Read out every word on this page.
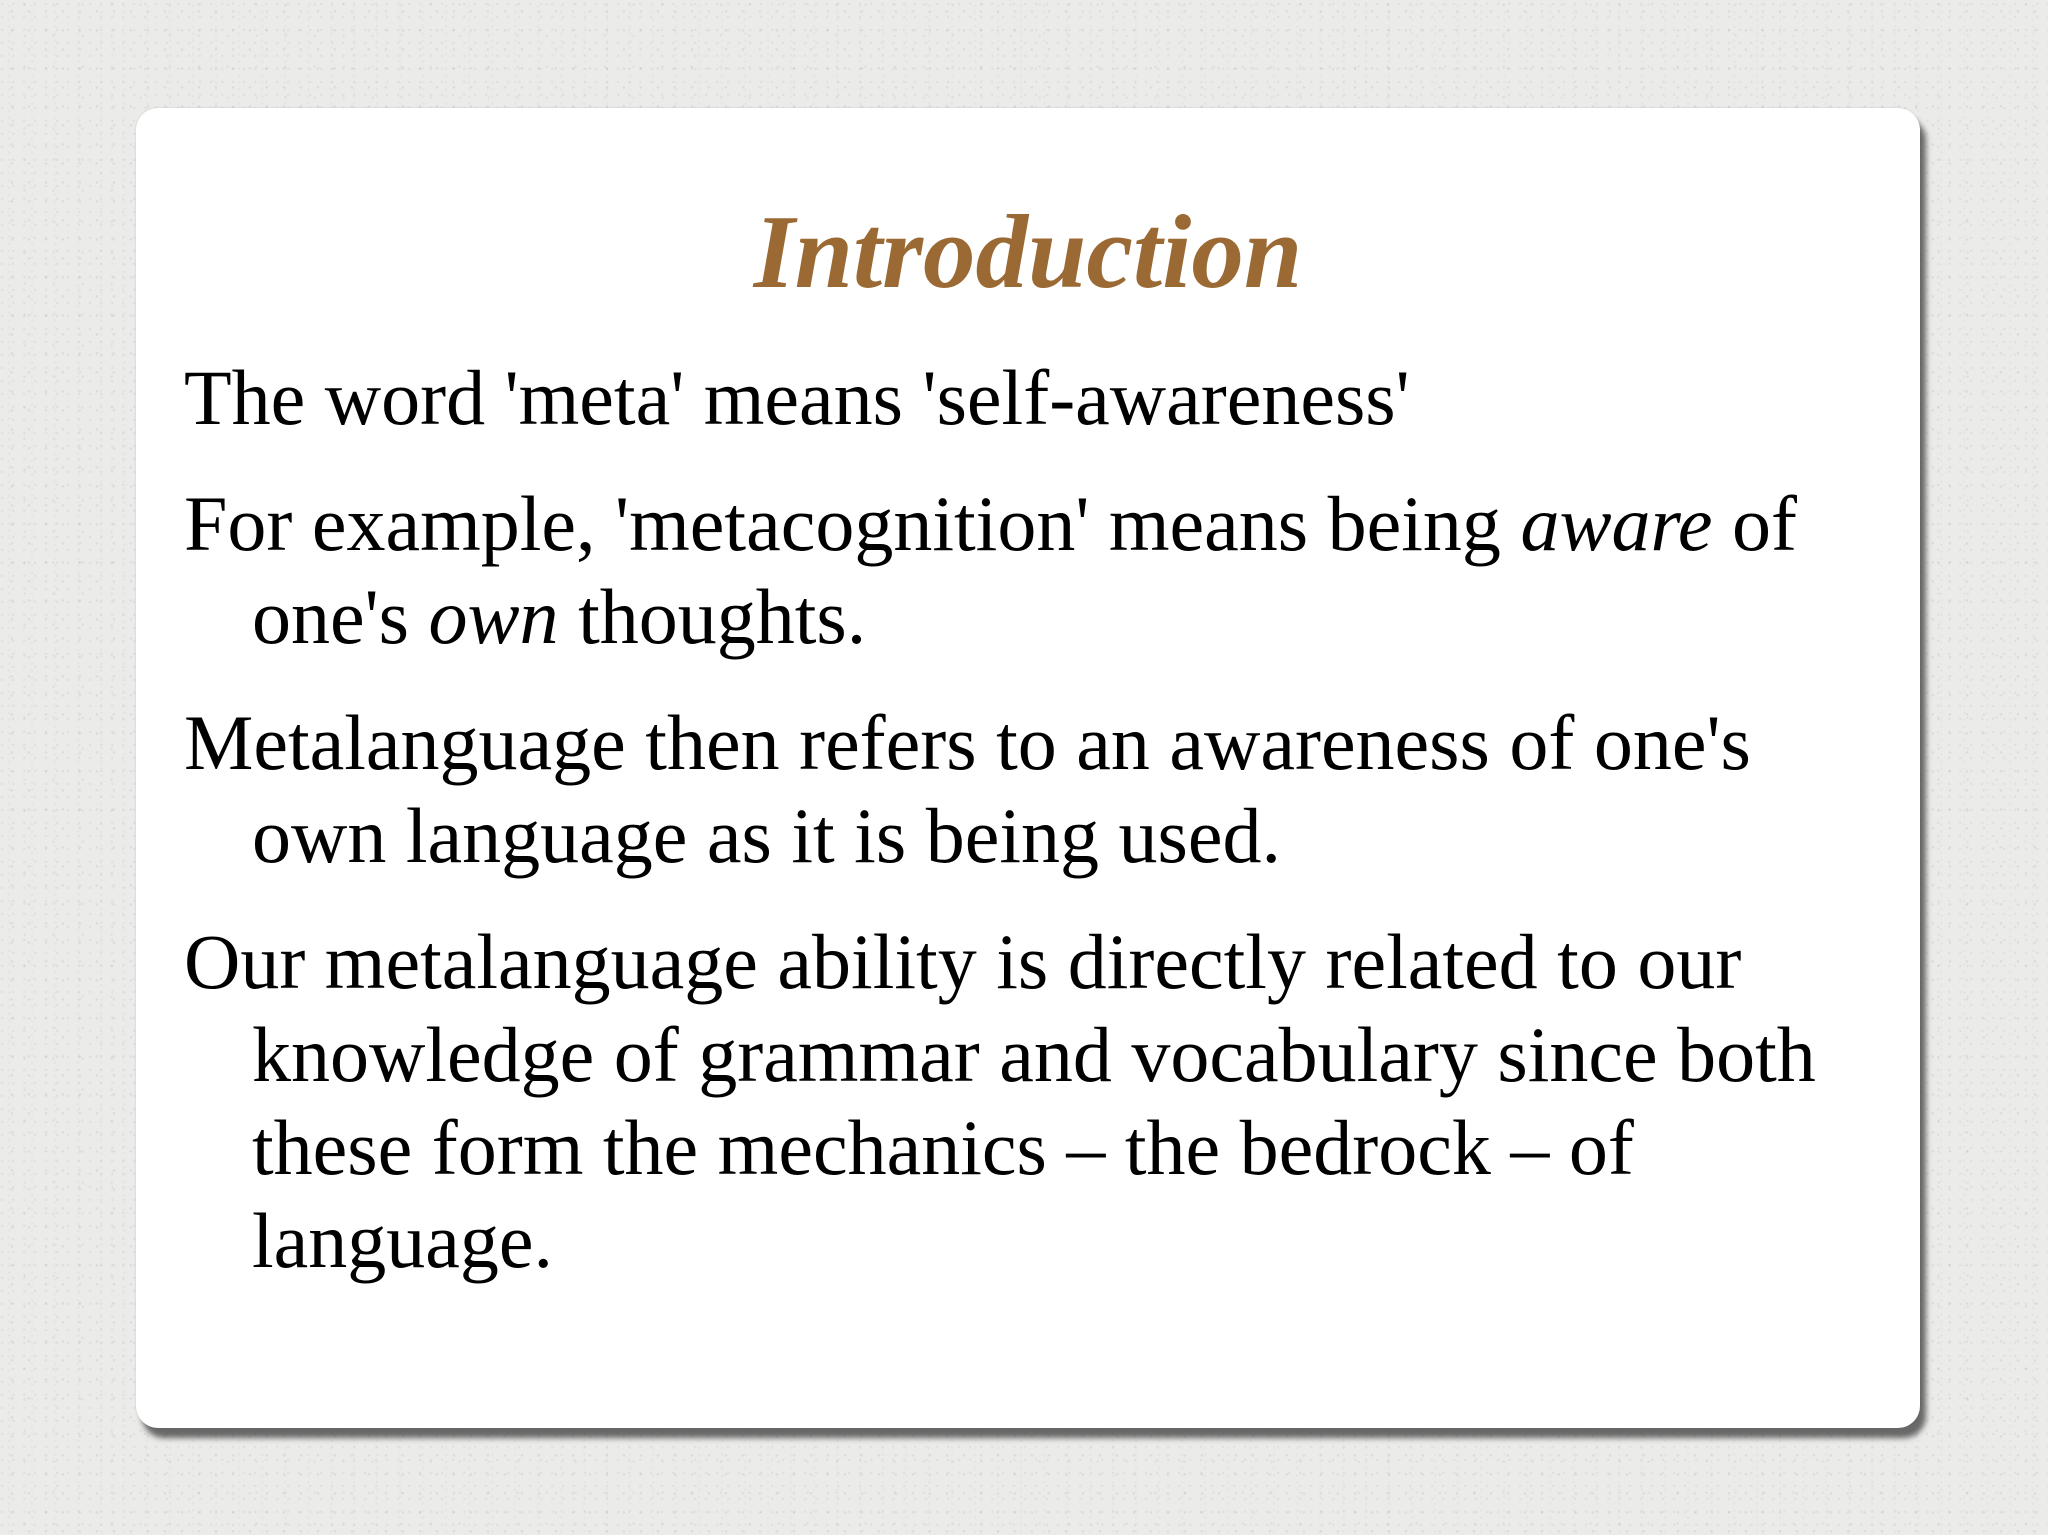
Introduction
The word 'meta' means 'self-awareness'
For example, 'metacognition' means being aware of one's own thoughts.
Metalanguage then refers to an awareness of one's own language as it is being used.
Our metalanguage ability is directly related to our knowledge of grammar and vocabulary since both these form the mechanics – the bedrock – of language.
